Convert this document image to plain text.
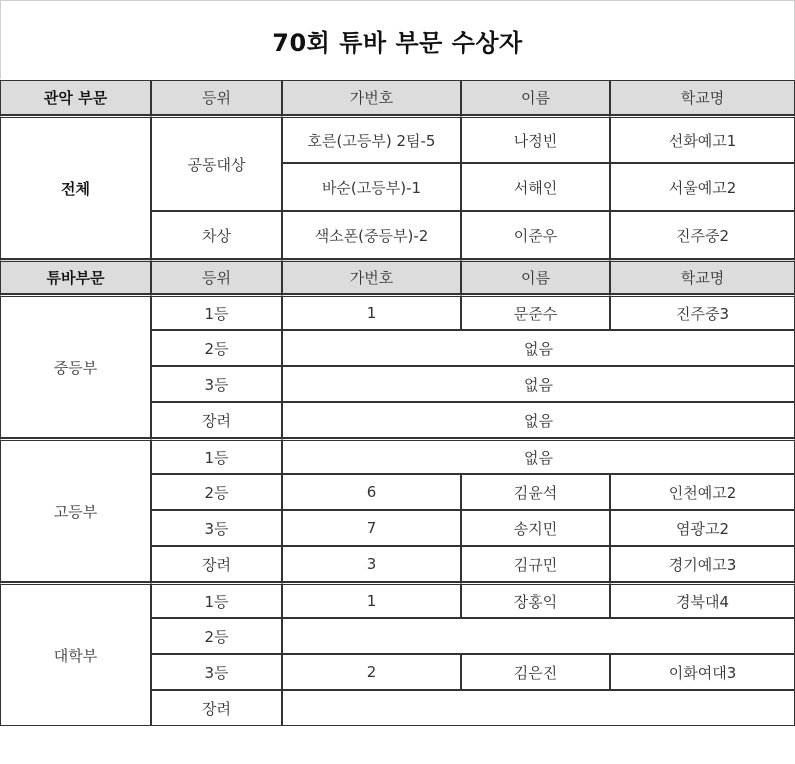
70회 튜바 부문 수상자
관악 부문	등위	가번호	이름	학교명
전체	공동대상	호른(고등부) 2팀-5	나정빈	선화예고1
		바순(고등부)-1	서해인	서울예고2
	차상	색소폰(중등부)-2	이준우	진주중2
튜바부문	등위	가번호	이름	학교명
중등부	1등	1	문준수	진주중3
	2등	없음		
	3등	없음		
	장려	없음		
고등부	1등	없음		
	2등	6	김윤석	인천예고2
	3등	7	송지민	염광고2
	장려	3	김규민	경기예고3
대학부	1등	1	장홍익	경북대4
	2등			
	3등	2	김은진	이화여대3
	장려			
